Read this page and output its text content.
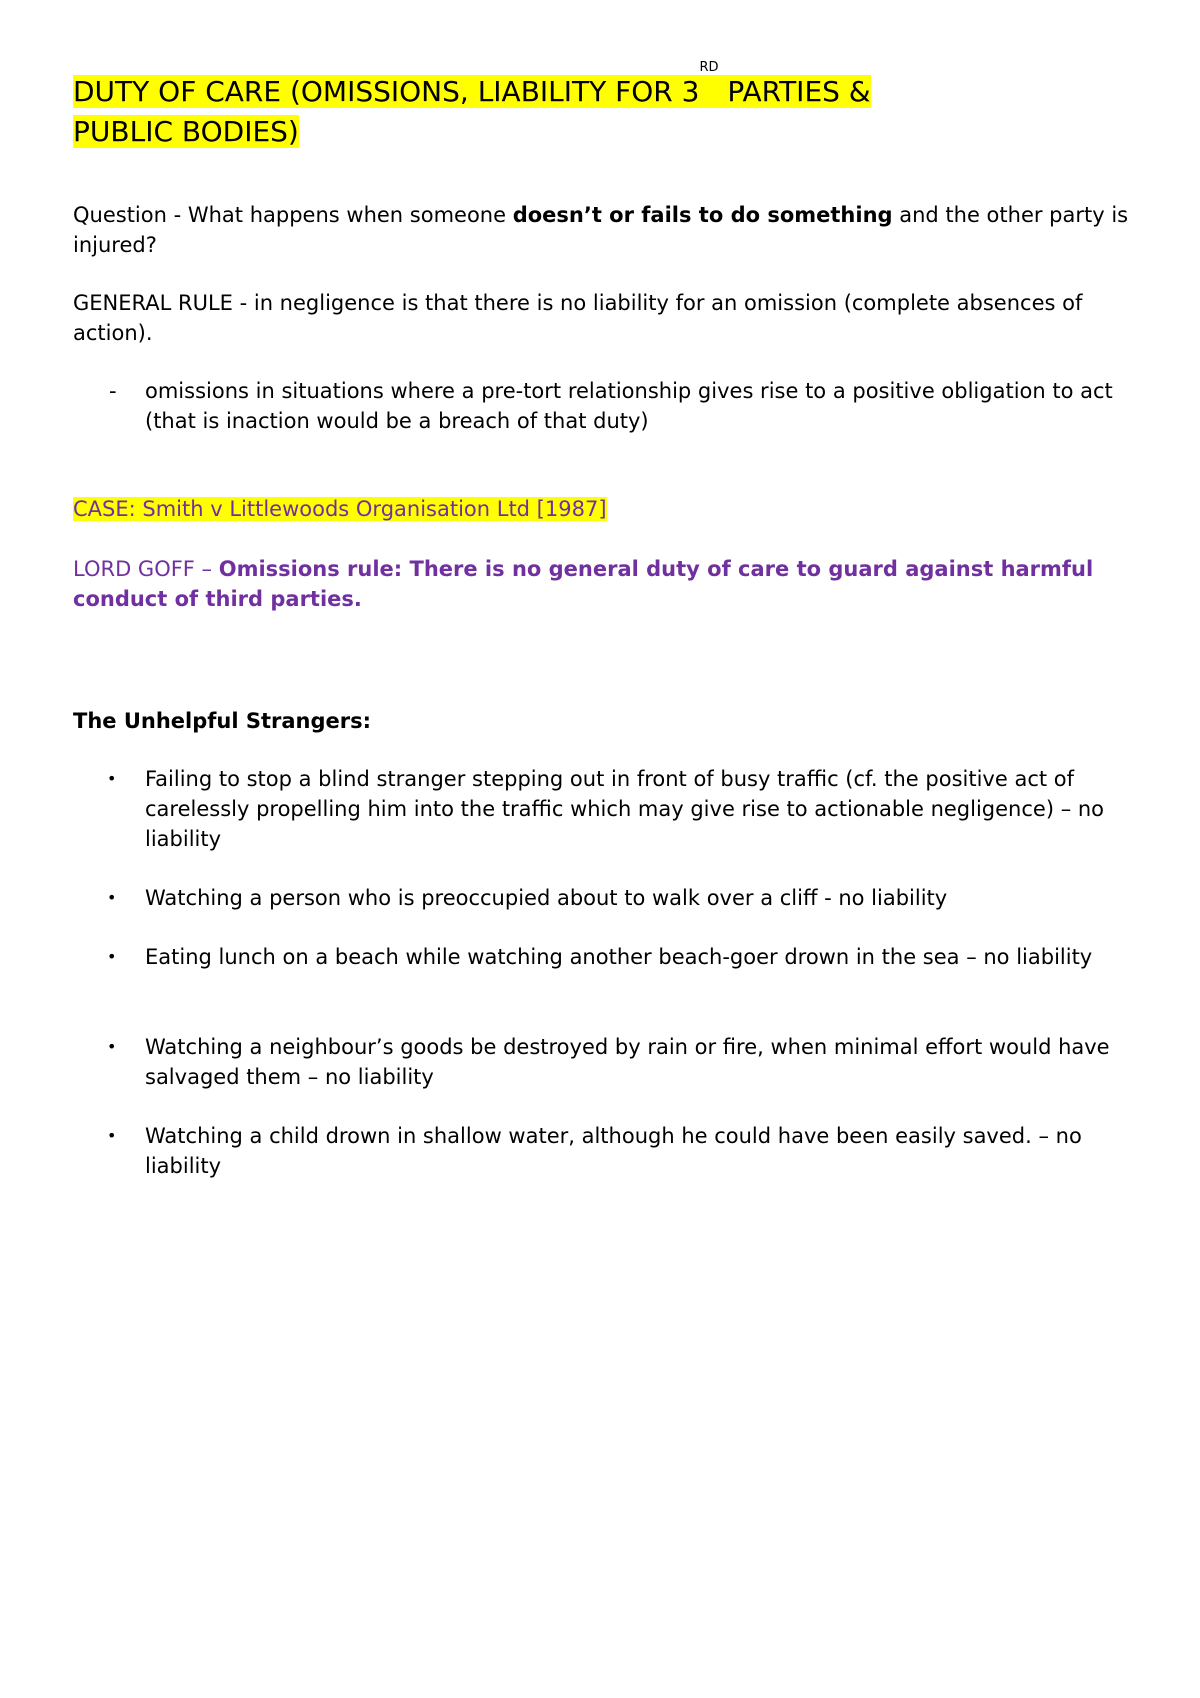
DUTY OF CARE (OMISSIONS, LIABILITY FOR 3RD PARTIES &
PUBLIC BODIES)

Question - What happens when someone doesn’t or fails to do something and the other party is injured?

GENERAL RULE - in negligence is that there is no liability for an omission (complete absences of action).

- omissions in situations where a pre-tort relationship gives rise to a positive obligation to act (that is inaction would be a breach of that duty)

CASE: Smith v Littlewoods Organisation Ltd [1987]

LORD GOFF – Omissions rule: There is no general duty of care to guard against harmful conduct of third parties.

The Unhelpful Strangers:

• Failing to stop a blind stranger stepping out in front of busy traffic (cf. the positive act of carelessly propelling him into the traffic which may give rise to actionable negligence) – no liability
• Watching a person who is preoccupied about to walk over a cliff - no liability
• Eating lunch on a beach while watching another beach-goer drown in the sea – no liability
• Watching a neighbour’s goods be destroyed by rain or fire, when minimal effort would have salvaged them – no liability
• Watching a child drown in shallow water, although he could have been easily saved. – no liability
